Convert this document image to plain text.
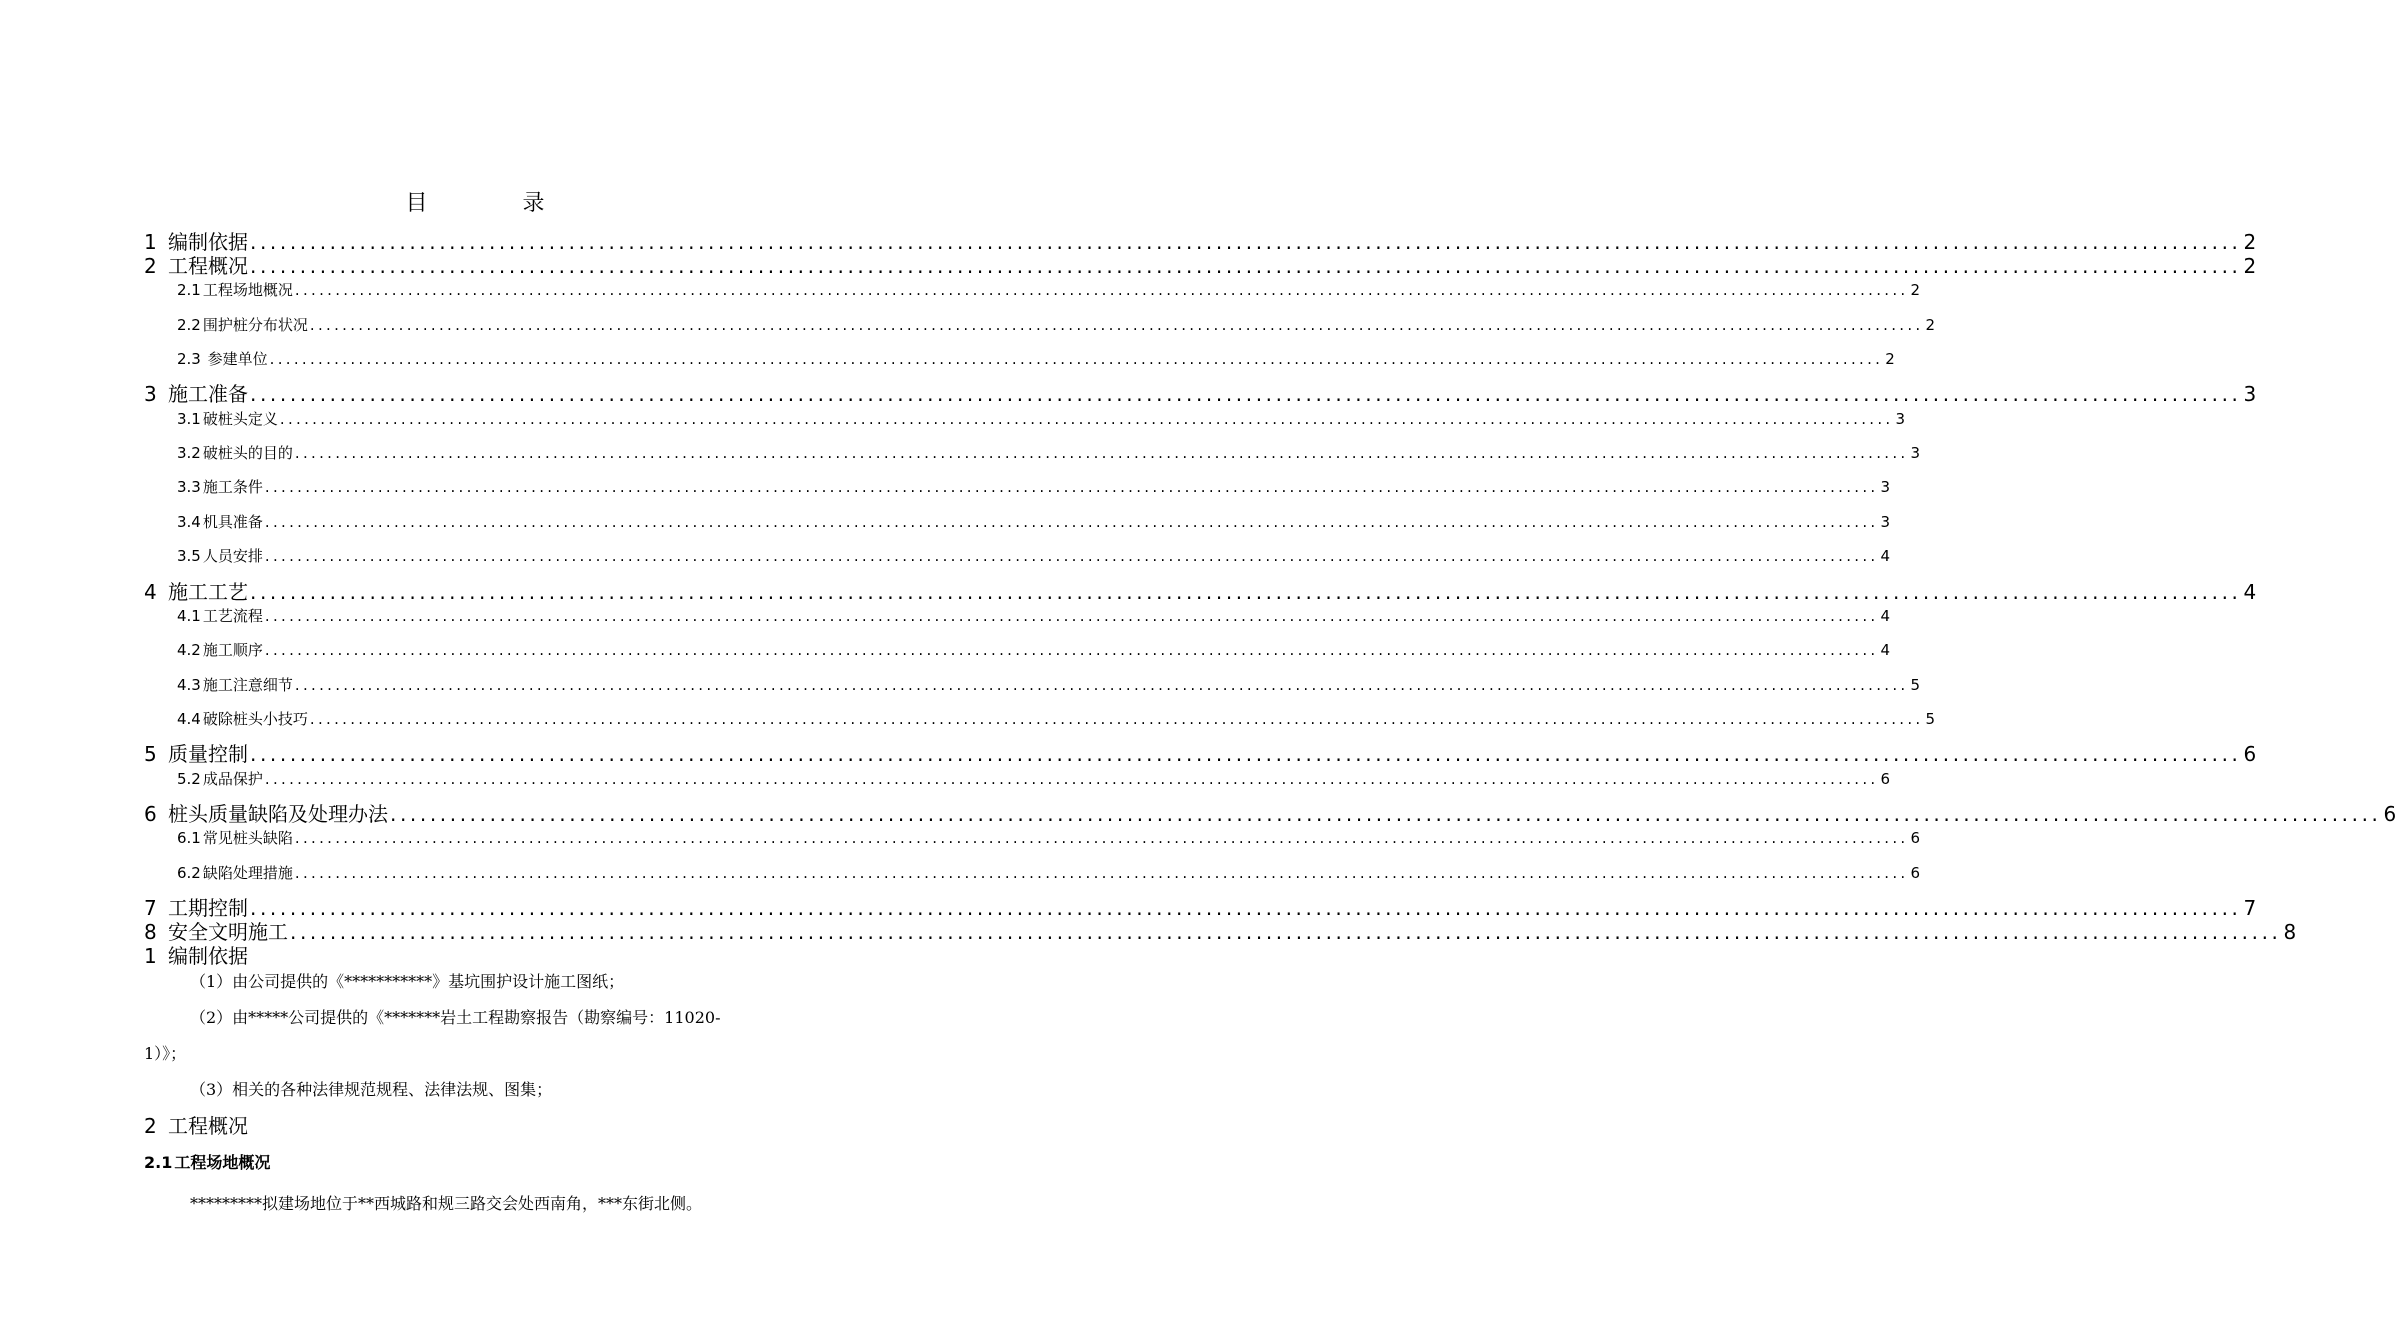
目 录
1 编制依据 ........................................................................................................................................................................................................ 2
2 工程概况 ........................................................................................................................................................................................................ 2
2.1 工程场地概况 ........................................................................................................................................................................................................ 2
2.2 围护桩分布状况 ........................................................................................................................................................................................................ 2
2.3 参建单位 ........................................................................................................................................................................................................ 2
3 施工准备 ........................................................................................................................................................................................................ 3
3.1 破桩头定义 ........................................................................................................................................................................................................ 3
3.2 破桩头的目的 ........................................................................................................................................................................................................ 3
3.3 施工条件 ........................................................................................................................................................................................................ 3
3.4 机具准备 ........................................................................................................................................................................................................ 3
3.5 人员安排 ........................................................................................................................................................................................................ 4
4 施工工艺 ........................................................................................................................................................................................................ 4
4.1 工艺流程 ........................................................................................................................................................................................................ 4
4.2 施工顺序 ........................................................................................................................................................................................................ 4
4.3 施工注意细节 ........................................................................................................................................................................................................ 5
4.4 破除桩头小技巧 ........................................................................................................................................................................................................ 5
5 质量控制 ........................................................................................................................................................................................................ 6
5.2 成品保护 ........................................................................................................................................................................................................ 6
6 桩头质量缺陷及处理办法 ........................................................................................................................................................................................................ 6
6.1 常见桩头缺陷 ........................................................................................................................................................................................................ 6
6.2 缺陷处理措施 ........................................................................................................................................................................................................ 6
7 工期控制 ........................................................................................................................................................................................................ 7
8 安全文明施工 ........................................................................................................................................................................................................ 8
1 编制依据
（1）由公司提供的《***********》基坑围护设计施工图纸；
（2）由*****公司提供的《*******岩土工程勘察报告（勘察编号：11020-
1）》；
（3）相关的各种法律规范规程、法律法规、图集；
2 工程概况
2.1 工程场地概况
*********拟建场地位于**西城路和规三路交会处西南角，***东街北侧。
